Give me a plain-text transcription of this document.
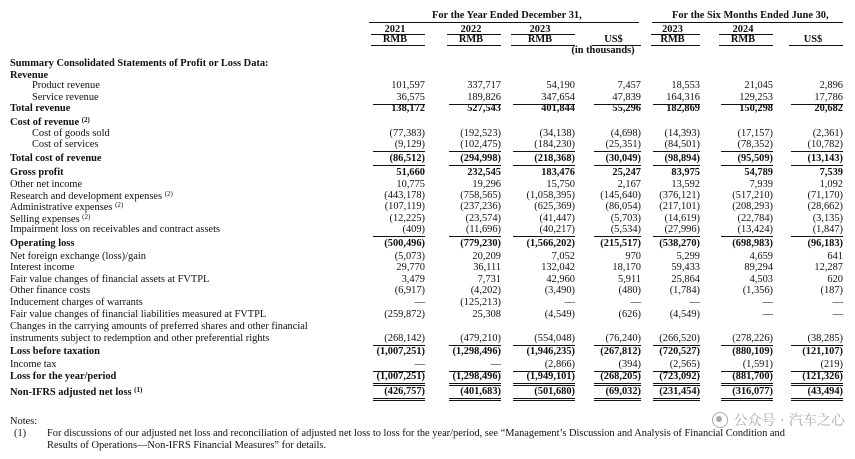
For the Year Ended December 31,	For the Six Months Ended June 30,
2021	2022	2023	2023	2024
RMB	RMB	RMB	US$	RMB	RMB	US$
(in thousands)
Summary Consolidated Statements of Profit or Loss Data:
Revenue
Product revenue	101,597	337,717	54,190	7,457	18,553	21,045	2,896
Service revenue	36,575	189,826	347,654	47,839	164,316	129,253	17,786
Total revenue	138,172	527,543	401,844	55,296	182,869	150,298	20,682
Cost of revenue $^{(2)}$
Cost of goods sold	(77,383)	(192,523)	(34,138)	(4,698)	(14,393)	(17,157)	(2,361)
Cost of services	(9,129)	(102,475)	(184,230)	(25,351)	(84,501)	(78,352)	(10,782)
Total cost of revenue	(86,512)	(294,998)	(218,368)	(30,049)	(98,894)	(95,509)	(13,143)
Gross profit	51,660	232,545	183,476	25,247	83,975	54,789	7,539
Other net income	10,775	19,296	15,750	2,167	13,592	7,939	1,092
Research and development expenses $^{(2)}$	(443,178)	(758,565)	(1,058,395)	(145,640)	(376,121)	(517,210)	(71,170)
Administrative expenses $^{(2)}$	(107,119)	(237,236)	(625,369)	(86,054)	(217,101)	(208,293)	(28,662)
Selling expenses $^{(2)}$	(12,225)	(23,574)	(41,447)	(5,703)	(14,619)	(22,784)	(3,135)
Impairment loss on receivables and contract assets	(409)	(11,696)	(40,217)	(5,534)	(27,996)	(13,424)	(1,847)
Operating loss	(500,496)	(779,230)	(1,566,202)	(215,517)	(538,270)	(698,983)	(96,183)
Net foreign exchange (loss)/gain	(5,073)	20,209	7,052	970	5,299	4,659	641
Interest income	29,770	36,111	132,042	18,170	59,433	89,294	12,287
Fair value changes of financial assets at FVTPL	3,479	7,731	42,960	5,911	25,864	4,503	620
Other finance costs	(6,917)	(4,202)	(3,490)	(480)	(1,784)	(1,356)	(187)
Inducement charges of warrants	—	(125,213)	—	—	—	—	—
Fair value changes of financial liabilities measured at FVTPL	(259,872)	25,308	(4,549)	(626)	(4,549)	—	—
Changes in the carrying amounts of preferred shares and other financial
instruments subject to redemption and other preferential rights	(268,142)	(479,210)	(554,048)	(76,240)	(266,520)	(278,226)	(38,285)
Loss before taxation	(1,007,251)	(1,298,496)	(1,946,235)	(267,812)	(720,527)	(880,109)	(121,107)
Income tax	—	—	(2,866)	(394)	(2,565)	(1,591)	(219)
Loss for the year/period	(1,007,251)	(1,298,496)	(1,949,101)	(268,205)	(723,092)	(881,700)	(121,326)
Non-IFRS adjusted net loss $^{(1)}$	(426,757)	(401,683)	(501,680)	(69,032)	(231,454)	(316,077)	(43,494)
Notes:
(1) For discussions of our adjusted net loss and reconciliation of adjusted net loss to loss for the year/period, see “Management’s Discussion and Analysis of Financial Condition and
Results of Operations—Non-IFRS Financial Measures” for details.
公众号 · 汽车之心
